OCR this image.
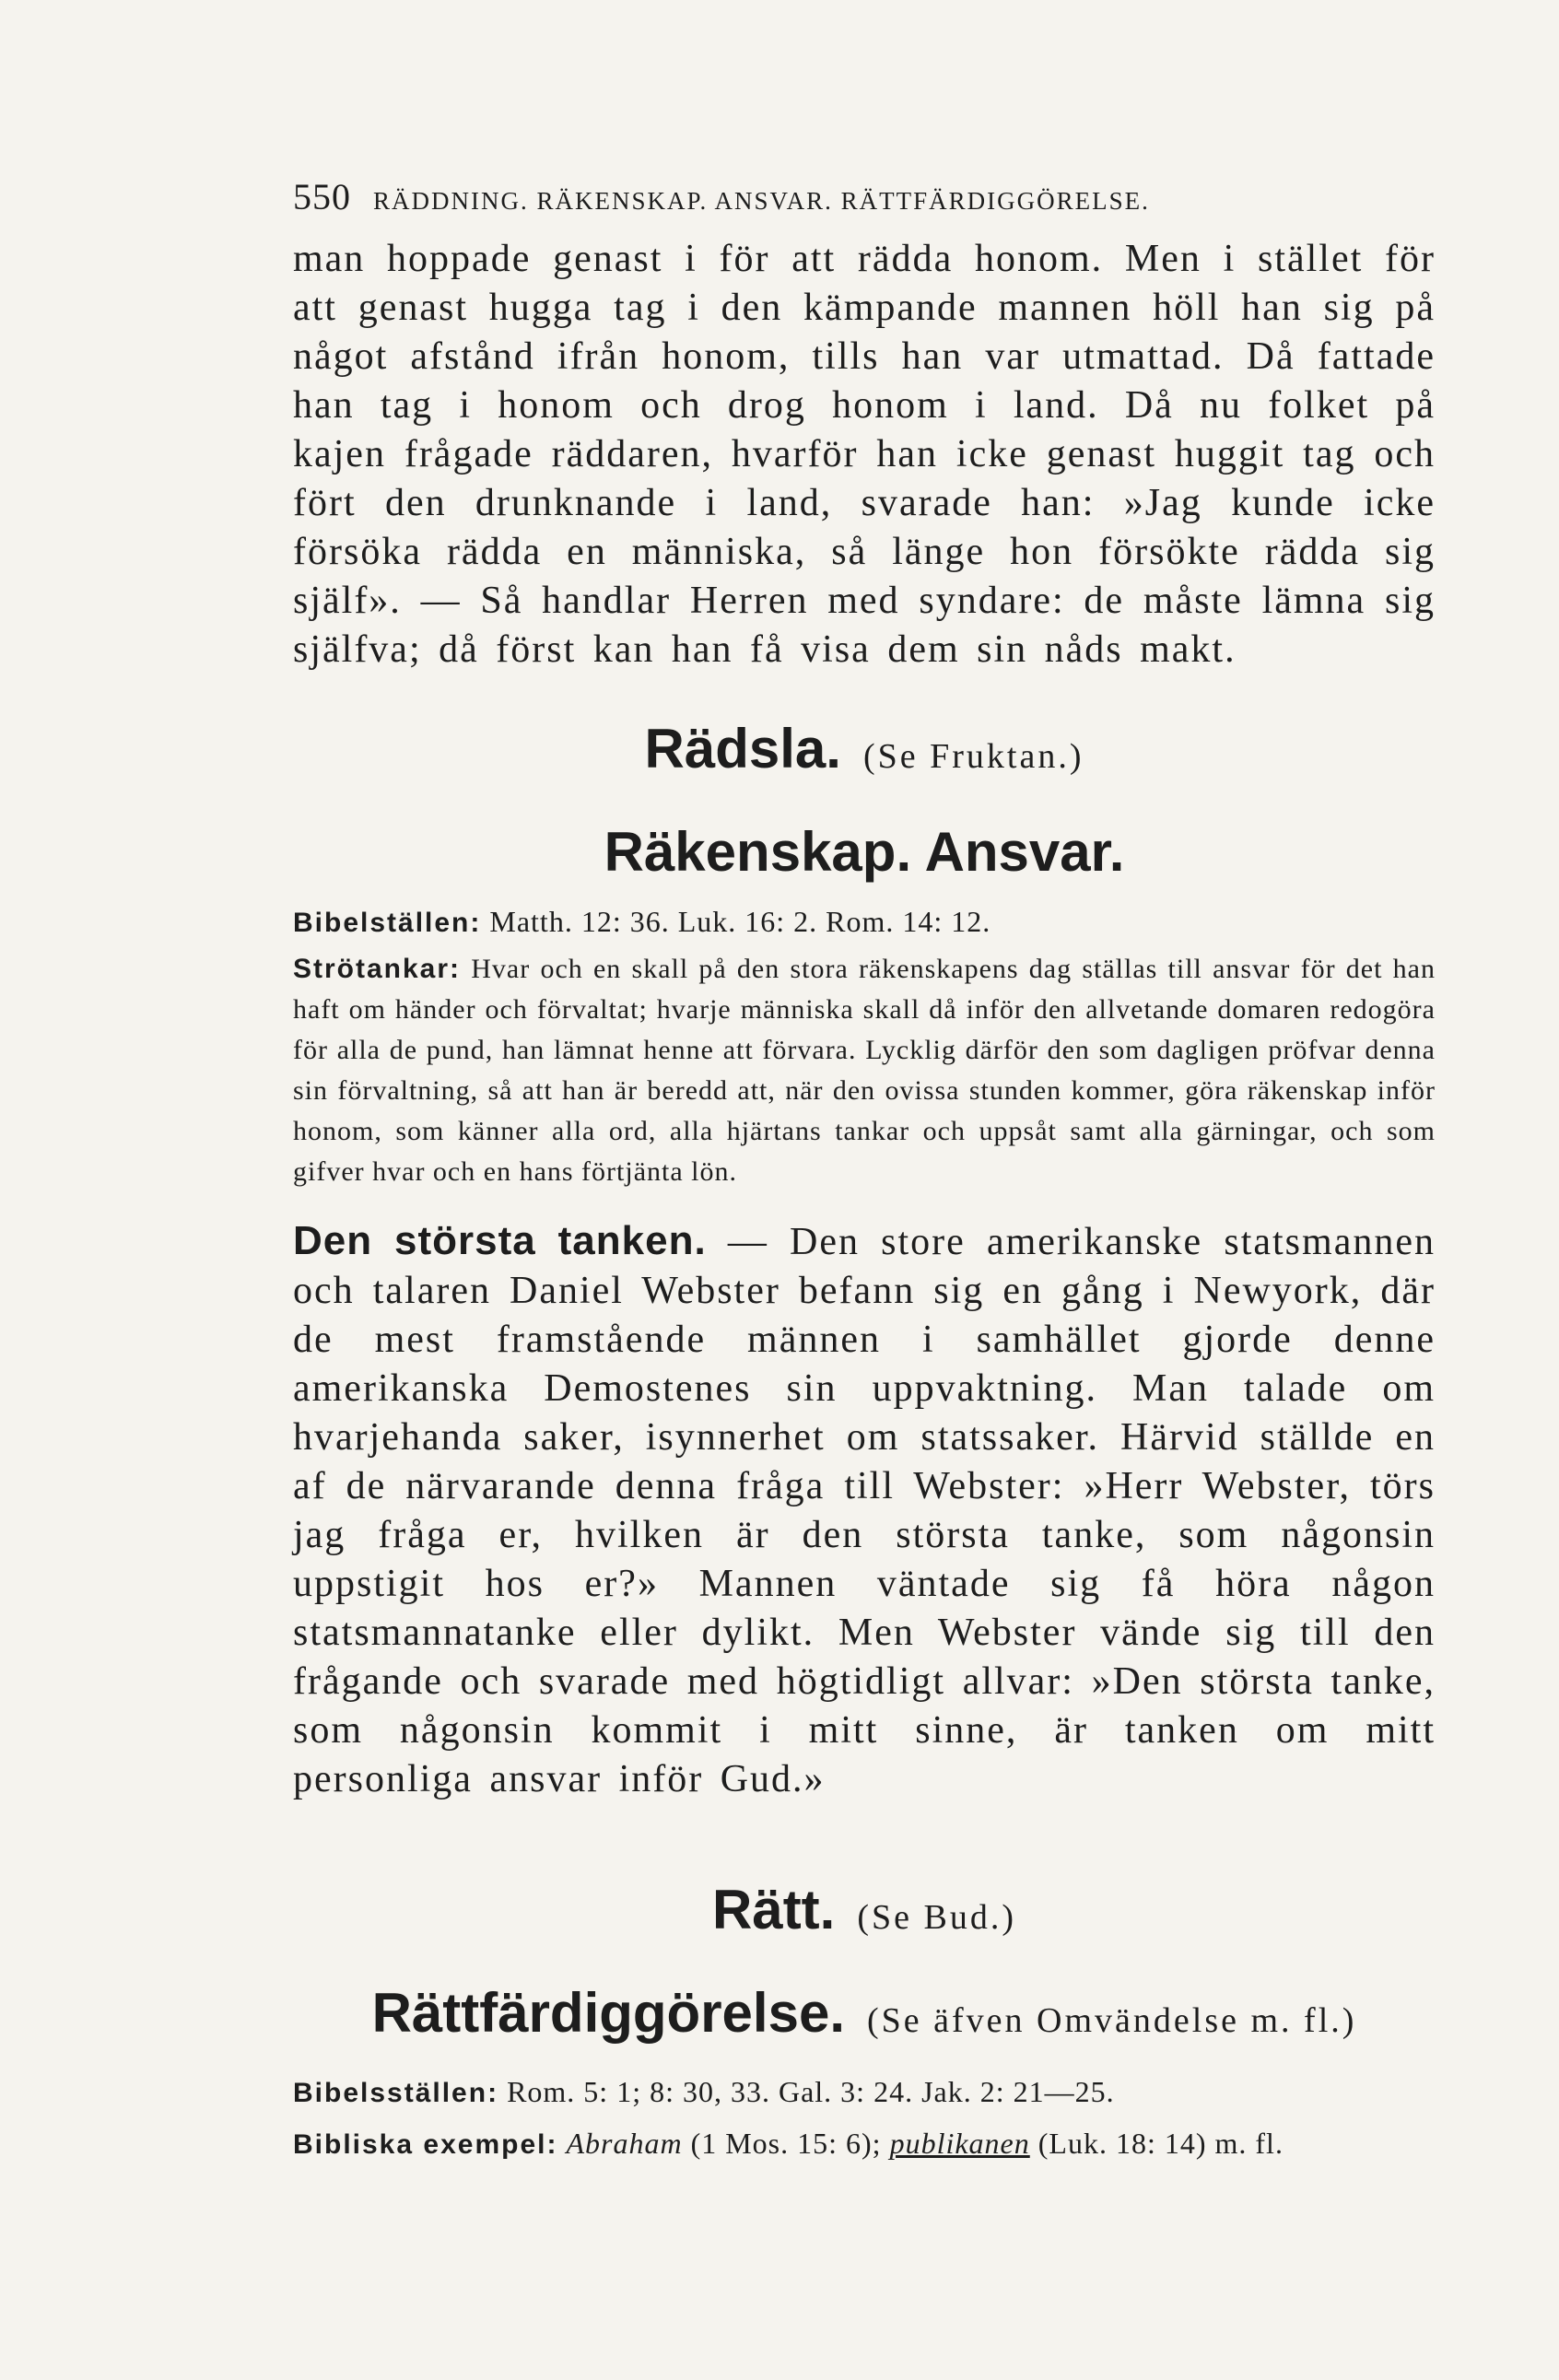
550 RÄDDNING. RÄKENSKAP. ANSVAR. RÄTTFÄRDIGGÖRELSE.

man hoppade genast i för att rädda honom. Men i stället för att genast hugga tag i den kämpande mannen höll han sig på något afstånd ifrån honom, tills han var utmattad. Då fattade han tag i honom och drog honom i land. Då nu folket på kajen frågade räddaren, hvarför han icke genast huggit tag och fört den drunknande i land, svarade han: »Jag kunde icke försöka rädda en människa, så länge hon försökte rädda sig själf». — Så handlar Herren med syndare: de måste lämna sig själfva; då först kan han få visa dem sin nåds makt.

Rädsla. (Se Fruktan.)
Räkenskap. Ansvar.

Bibelställen: Matth. 12: 36. Luk. 16: 2. Rom. 14: 12.

Strötankar: Hvar och en skall på den stora räkenskapens dag ställas till ansvar för det han haft om händer och förvaltat; hvarje människa skall då inför den allvetande domaren redogöra för alla de pund, han lämnat henne att förvara. Lycklig därför den som dagligen pröfvar denna sin förvaltning, så att han är beredd att, när den ovissa stunden kommer, göra räkenskap inför honom, som känner alla ord, alla hjärtans tankar och uppsåt samt alla gärningar, och som gifver hvar och en hans förtjänta lön.

Den största tanken. — Den store amerikanske statsmannen och talaren Daniel Webster befann sig en gång i Newyork, där de mest framstående männen i samhället gjorde denne amerikanska Demostenes sin uppvaktning. Man talade om hvarjehanda saker, isynnerhet om statssaker. Härvid ställde en af de närvarande denna fråga till Webster: »Herr Webster, törs jag fråga er, hvilken är den största tanke, som någonsin uppstigit hos er?» Mannen väntade sig få höra någon statsmannatanke eller dylikt. Men Webster vände sig till den frågande och svarade med högtidligt allvar: »Den största tanke, som någonsin kommit i mitt sinne, är tanken om mitt personliga ansvar inför Gud.»

Rätt. (Se Bud.)
Rättfärdiggörelse. (Se äfven Omvändelse m. fl.)

Bibelsställen: Rom. 5: 1; 8: 30, 33. Gal. 3: 24. Jak. 2: 21—25.

Bibliska exempel: Abraham (1 Mos. 15: 6); publikanen (Luk. 18: 14) m. fl.
